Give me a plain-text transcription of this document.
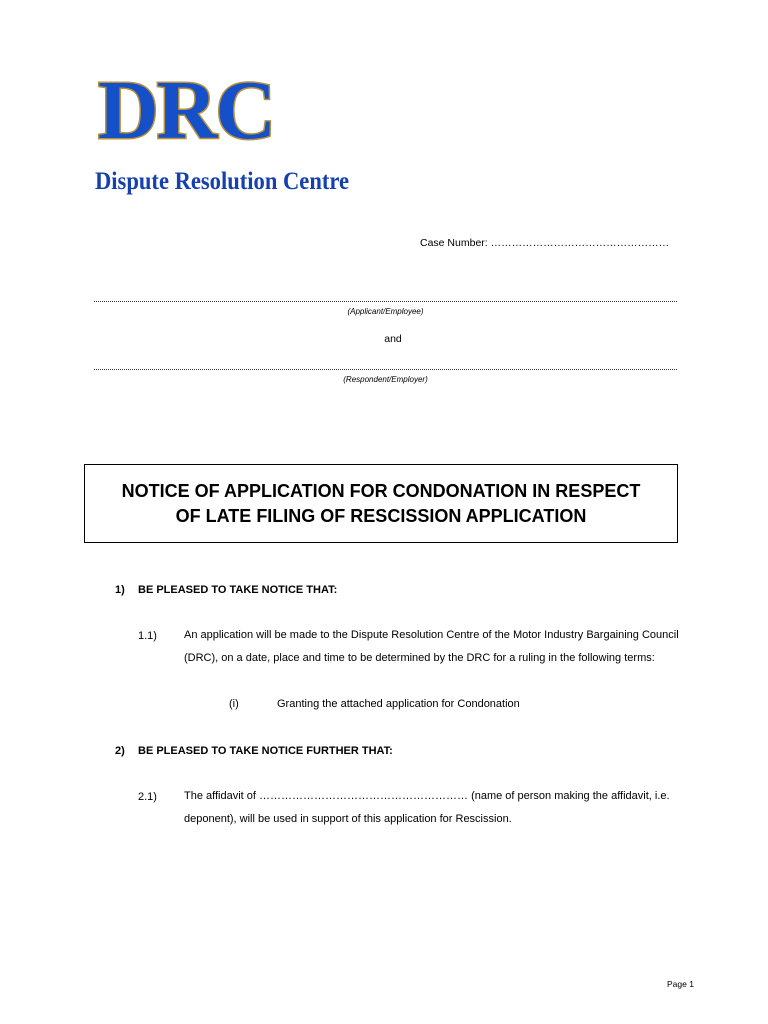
DRC
Dispute Resolution Centre
Case Number: ……………………………………………
(Applicant/Employee)
and
(Respondent/Employer)
NOTICE OF APPLICATION FOR CONDONATION IN RESPECT
OF LATE FILING OF RESCISSION APPLICATION
1) BE PLEASED TO TAKE NOTICE THAT:
1.1) An application will be made to the Dispute Resolution Centre of the Motor Industry Bargaining Council (DRC), on a date, place and time to be determined by the DRC for a ruling in the following terms:
(i)	Granting the attached application for Condonation
2) BE PLEASED TO TAKE NOTICE FURTHER THAT:
2.1) The affidavit of ………………………………………………… (name of person making the affidavit, i.e. deponent), will be used in support of this application for Rescission.
Page 1
